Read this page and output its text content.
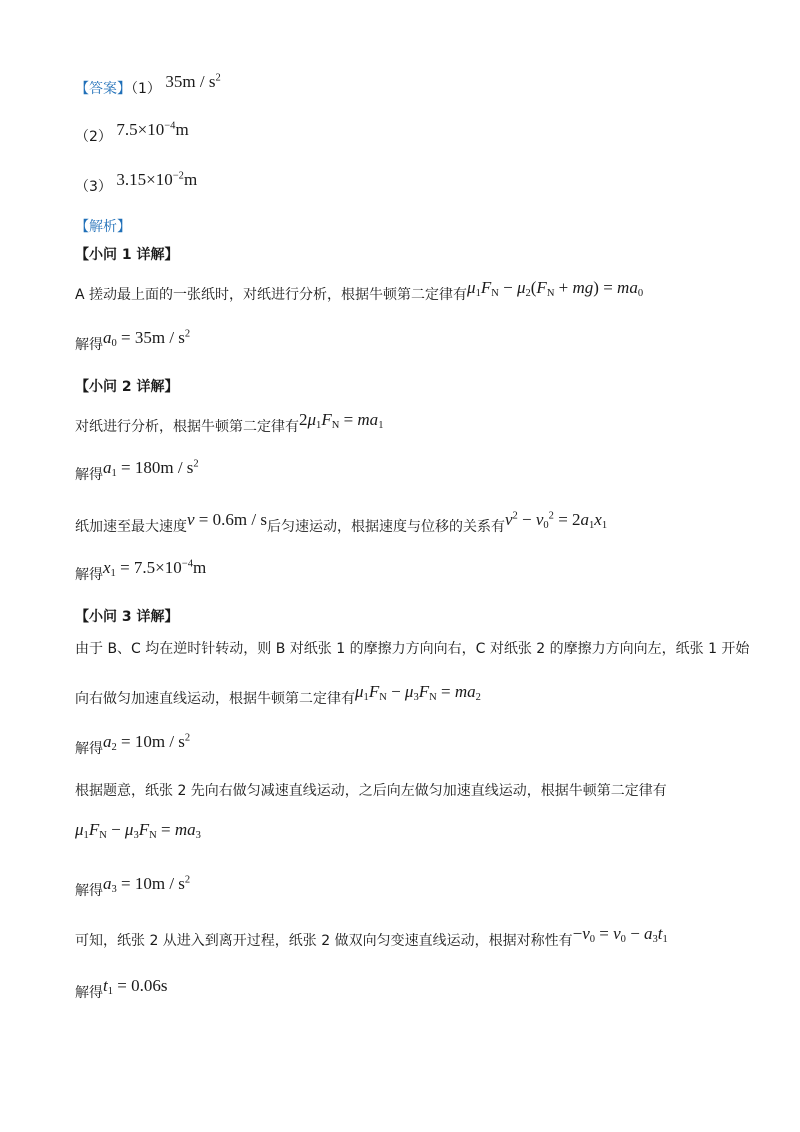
【答案】（1） $35m / s^2$
（2） $7.5\times 10^{-4}m$
（3） $3.15\times 10^{-2}m$
【解析】
【小问 1 详解】
A 搓动最上面的一张纸时，对纸进行分析，根据牛顿第二定律有$\mu_1F_N - \mu_2(F_N + mg) = ma_0$
解得$a_0 = 35m / s^2$
【小问 2 详解】
对纸进行分析，根据牛顿第二定律有$2\mu_1F_N = ma_1$
解得$a_1 = 180m / s^2$
纸加速至最大速度v = 0.6m / s后匀速运动，根据速度与位移的关系有$v^2 - v_0^2 = 2a_1x_1$
解得$x_1 = 7.5\times 10^{-4}m$
【小问 3 详解】
由于 B、C 均在逆时针转动，则 B 对纸张 1 的摩擦力方向向右，C 对纸张 2 的摩擦力方向向左，纸张 1 开始
向右做匀加速直线运动，根据牛顿第二定律有$\mu_1F_N - \mu_3F_N = ma_2$
解得$a_2 = 10m / s^2$
根据题意，纸张 2 先向右做匀减速直线运动，之后向左做匀加速直线运动，根据牛顿第二定律有
$\mu_1F_N - \mu_3F_N = ma_3$
解得$a_3 = 10m / s^2$
可知，纸张 2 从进入到离开过程，纸张 2 做双向匀变速直线运动，根据对称性有$-v_0 = v_0 - a_3t_1$
解得$t_1 = 0.06s$
